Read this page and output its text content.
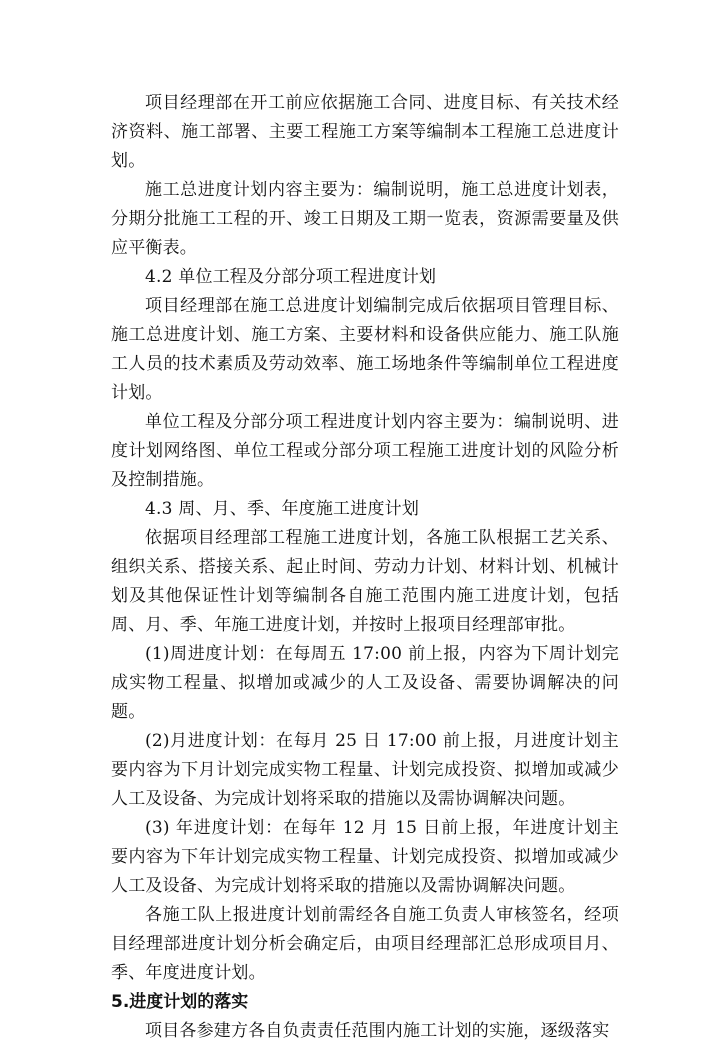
项目经理部在开工前应依据施工合同、进度目标、有关技术经济资料、施工部署、主要工程施工方案等编制本工程施工总进度计划。

施工总进度计划内容主要为：编制说明，施工总进度计划表，分期分批施工工程的开、竣工日期及工期一览表，资源需要量及供应平衡表。

4.2 单位工程及分部分项工程进度计划

项目经理部在施工总进度计划编制完成后依据项目管理目标、施工总进度计划、施工方案、主要材料和设备供应能力、施工队施工人员的技术素质及劳动效率、施工场地条件等编制单位工程进度计划。

单位工程及分部分项工程进度计划内容主要为：编制说明、进度计划网络图、单位工程或分部分项工程施工进度计划的风险分析及控制措施。

4.3 周、月、季、年度施工进度计划

依据项目经理部工程施工进度计划，各施工队根据工艺关系、组织关系、搭接关系、起止时间、劳动力计划、材料计划、机械计划及其他保证性计划等编制各自施工范围内施工进度计划，包括周、月、季、年施工进度计划，并按时上报项目经理部审批。

(1)周进度计划：在每周五 17:00 前上报，内容为下周计划完成实物工程量、拟增加或减少的人工及设备、需要协调解决的问题。

(2)月进度计划：在每月 25 日 17:00 前上报，月进度计划主要内容为下月计划完成实物工程量、计划完成投资、拟增加或减少人工及设备、为完成计划将采取的措施以及需协调解决问题。

(3) 年进度计划：在每年 12 月 15 日前上报，年进度计划主要内容为下年计划完成实物工程量、计划完成投资、拟增加或减少人工及设备、为完成计划将采取的措施以及需协调解决问题。

各施工队上报进度计划前需经各自施工负责人审核签名，经项目经理部进度计划分析会确定后，由项目经理部汇总形成项目月、季、年度进度计划。

5.进度计划的落实

项目各参建方各自负责责任范围内施工计划的实施，逐级落实
